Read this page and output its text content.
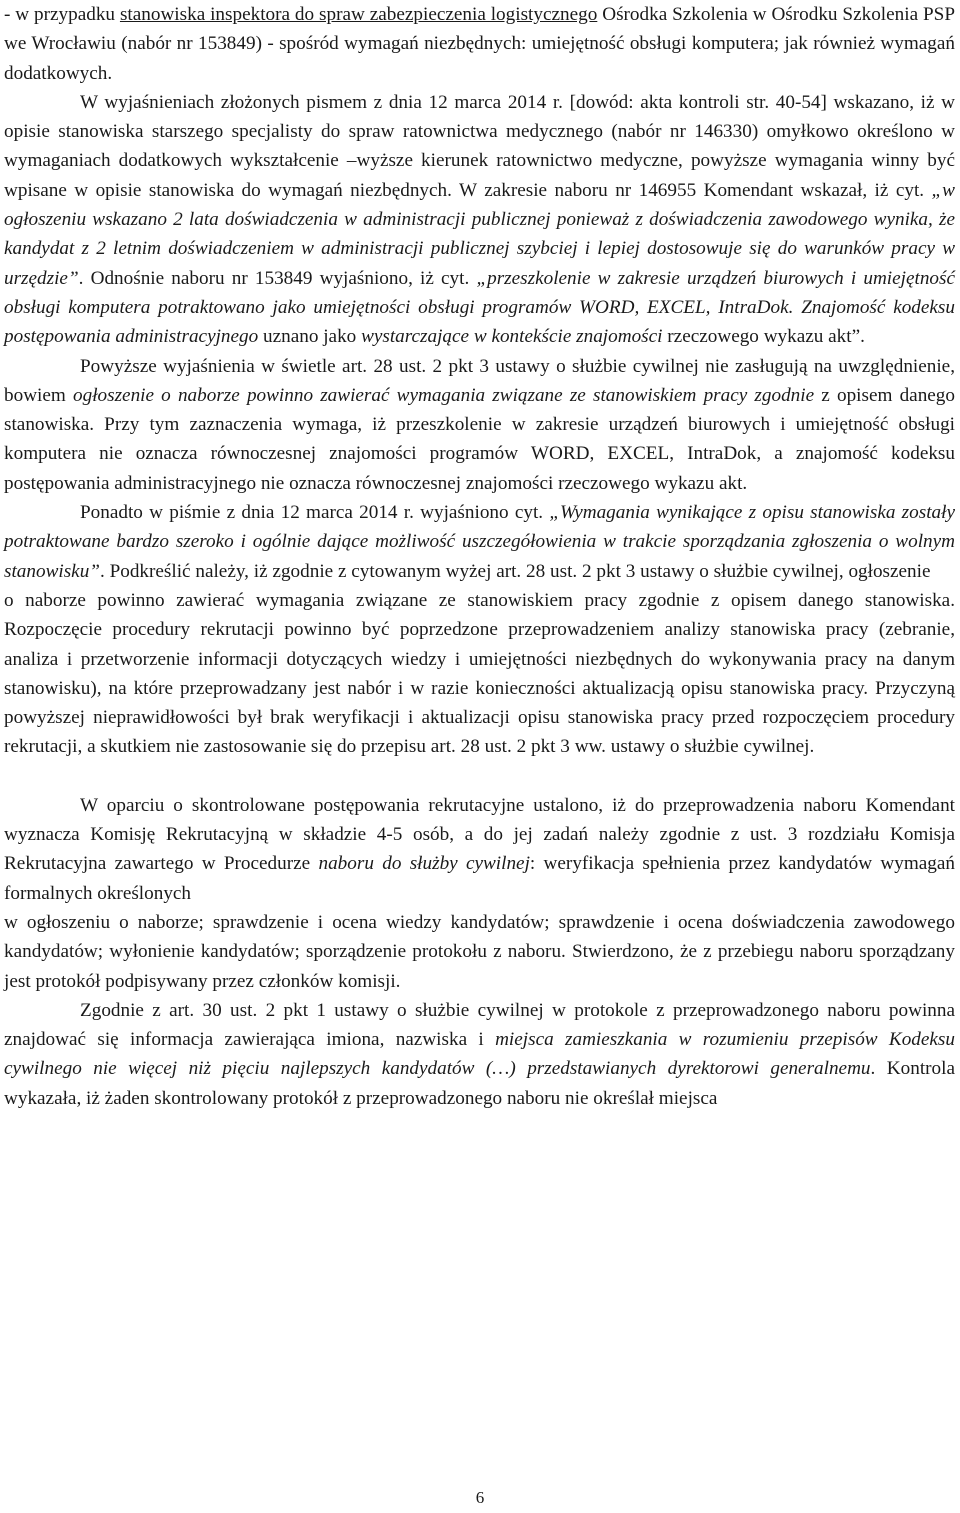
- w przypadku stanowiska inspektora do spraw zabezpieczenia logistycznego Ośrodka Szkolenia w Ośrodku Szkolenia PSP we Wrocławiu (nabór nr 153849) - spośród wymagań niezbędnych: umiejętność obsługi komputera; jak również wymagań dodatkowych.

W wyjaśnieniach złożonych pismem z dnia 12 marca 2014 r. [dowód: akta kontroli str. 40-54] wskazano, iż w opisie stanowiska starszego specjalisty do spraw ratownictwa medycznego (nabór nr 146330) omyłkowo określono w wymaganiach dodatkowych wykształcenie –wyższe kierunek ratownictwo medyczne, powyższe wymagania winny być wpisane w opisie stanowiska do wymagań niezbędnych. W zakresie naboru nr 146955 Komendant wskazał, iż cyt. „w ogłoszeniu wskazano 2 lata doświadczenia w administracji publicznej ponieważ z doświadczenia zawodowego wynika, że kandydat z 2 letnim doświadczeniem w administracji publicznej szybciej i lepiej dostosowuje się do warunków pracy w urzędzie”. Odnośnie naboru nr 153849 wyjaśniono, iż cyt. „przeszkolenie w zakresie urządzeń biurowych i umiejętność obsługi komputera potraktowano jako umiejętności obsługi programów WORD, EXCEL, IntraDok. Znajomość kodeksu postępowania administracyjnego uznano jako wystarczające w kontekście znajomości rzeczowego wykazu akt”.

Powyższe wyjaśnienia w świetle art. 28 ust. 2 pkt 3 ustawy o służbie cywilnej nie zasługują na uwzględnienie, bowiem ogłoszenie o naborze powinno zawierać wymagania związane ze stanowiskiem pracy zgodnie z opisem danego stanowiska. Przy tym zaznaczenia wymaga, iż przeszkolenie w zakresie urządzeń biurowych i umiejętność obsługi komputera nie oznacza równoczesnej znajomości programów WORD, EXCEL, IntraDok, a znajomość kodeksu postępowania administracyjnego nie oznacza równoczesnej znajomości rzeczowego wykazu akt.

Ponadto w piśmie z dnia 12 marca 2014 r. wyjaśniono cyt. „Wymagania wynikające z opisu stanowiska zostały potraktowane bardzo szeroko i ogólnie dające możliwość uszczegółowienia w trakcie sporządzania zgłoszenia o wolnym stanowisku”. Podkreślić należy, iż zgodnie z cytowanym wyżej art. 28 ust. 2 pkt 3 ustawy o służbie cywilnej, ogłoszenie

o naborze powinno zawierać wymagania związane ze stanowiskiem pracy zgodnie z opisem danego stanowiska. Rozpoczęcie procedury rekrutacji powinno być poprzedzone przeprowadzeniem analizy stanowiska pracy (zebranie, analiza i przetworzenie informacji dotyczących wiedzy i umiejętności niezbędnych do wykonywania pracy na danym stanowisku), na które przeprowadzany jest nabór i w razie konieczności aktualizacją opisu stanowiska pracy. Przyczyną powyższej nieprawidłowości był brak weryfikacji i aktualizacji opisu stanowiska pracy przed rozpoczęciem procedury rekrutacji, a skutkiem nie zastosowanie się do przepisu art. 28 ust. 2 pkt 3 ww. ustawy o służbie cywilnej.

W oparciu o skontrolowane postępowania rekrutacyjne ustalono, iż do przeprowadzenia naboru Komendant wyznacza Komisję Rekrutacyjną w składzie 4-5 osób, a do jej zadań należy zgodnie z ust. 3 rozdziału Komisja Rekrutacyjna zawartego w Procedurze naboru do służby cywilnej: weryfikacja spełnienia przez kandydatów wymagań formalnych określonych

w ogłoszeniu o naborze; sprawdzenie i ocena wiedzy kandydatów; sprawdzenie i ocena doświadczenia zawodowego kandydatów; wyłonienie kandydatów; sporządzenie protokołu z naboru. Stwierdzono, że z przebiegu naboru sporządzany jest protokół podpisywany przez członków komisji.

Zgodnie z art. 30 ust. 2 pkt 1 ustawy o służbie cywilnej w protokole z przeprowadzonego naboru powinna znajdować się informacja zawierająca imiona, nazwiska i miejsca zamieszkania w rozumieniu przepisów Kodeksu cywilnego nie więcej niż pięciu najlepszych kandydatów (…) przedstawianych dyrektorowi generalnemu. Kontrola wykazała, iż żaden skontrolowany protokół z przeprowadzonego naboru nie określał miejsca

6
